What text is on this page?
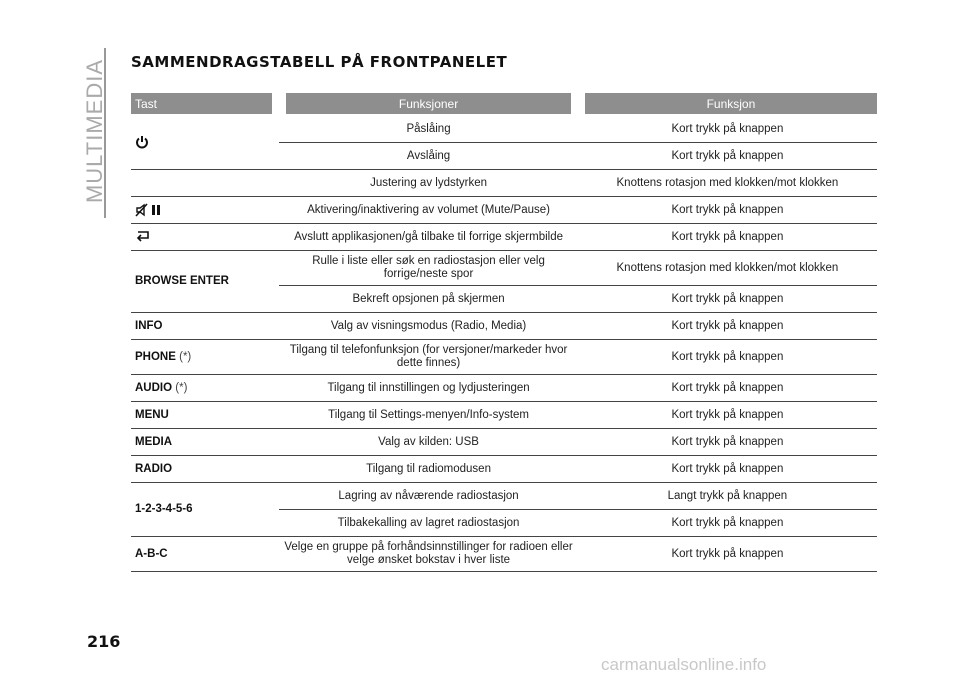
MULTIMEDIA SAMMENDRAGSTABELL PÅ FRONTPANELET
Tast	Funksjoner	Funksjon
	Påslåing	Kort trykk på knappen
	Avslåing	Kort trykk på knappen
	Justering av lydstyrken	Knottens rotasjon med klokken/mot klokken
	Aktivering/inaktivering av volumet (Mute/Pause)	Kort trykk på knappen
	Avslutt applikasjonen/gå tilbake til forrige skjermbilde	Kort trykk på knappen
BROWSE ENTER	Rulle i liste eller søk en radiostasjon eller velg forrige/neste spor	Knottens rotasjon med klokken/mot klokken
	Bekreft opsjonen på skjermen	Kort trykk på knappen
INFO	Valg av visningsmodus (Radio, Media)	Kort trykk på knappen
PHONE (*)	Tilgang til telefonfunksjon (for versjoner/markeder hvor dette finnes)	Kort trykk på knappen
AUDIO (*)	Tilgang til innstillingen og lydjusteringen	Kort trykk på knappen
MENU	Tilgang til Settings-menyen/Info-system	Kort trykk på knappen
MEDIA	Valg av kilden: USB	Kort trykk på knappen
RADIO	Tilgang til radiomodusen	Kort trykk på knappen
1-2-3-4-5-6	Lagring av nåværende radiostasjon	Langt trykk på knappen
	Tilbakekalling av lagret radiostasjon	Kort trykk på knappen
A-B-C	Velge en gruppe på forhåndsinnstillinger for radioen eller velge ønsket bokstav i hver liste	Kort trykk på knappen
216
carmanualsonline.info
